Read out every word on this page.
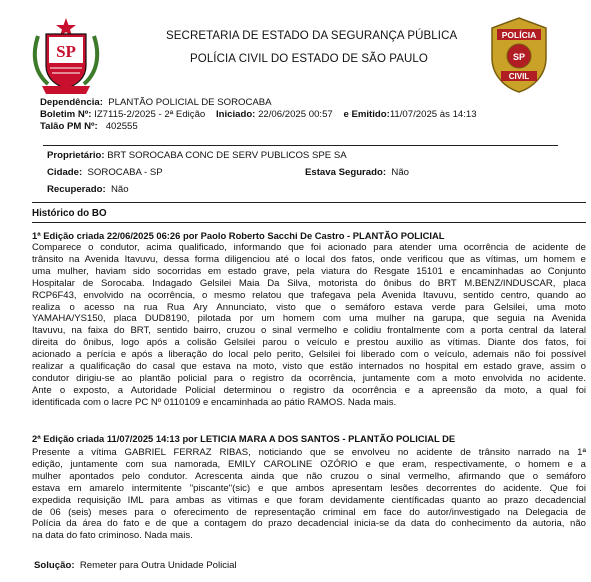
SP
SECRETARIA DE ESTADO DA SEGURANÇA PÚBLICA
POLÍCIA CIVIL DO ESTADO DE SÃO PAULO
POLÍCIA
SP
CIVIL
Dependência: PLANTÃO POLICIAL DE SOROCABA
Boletim Nº: IZ7115-2/2025 - 2ª Edição Iniciado: 22/06/2025 00:57 e Emitido:11/07/2025 às 14:13
Talão PM Nº: 402555
Proprietário: BRT SOROCABA CONC DE SERV PUBLICOS SPE SA
Cidade: SOROCABA - SP	Estava Segurado: Não
Recuperado: Não
Histórico do BO
1ª Edição criada 22/06/2025 06:26 por Paolo Roberto Sacchi De Castro - PLANTÃO POLICIAL
Comparece o condutor, acima qualificado, informando que foi acionado para atender uma ocorrência de acidente de
trânsito na Avenida Itavuvu, dessa forma diligenciou até o local dos fatos, onde verificou que as vítimas, um homem e
uma mulher, haviam sido socorridas em estado grave, pela viatura do Resgate 15101 e encaminhadas ao Conjunto
Hospitalar de Sorocaba. Indagado Gelsilei Maia Da Silva, motorista do ônibus do BRT M.BENZ/INDUSCAR, placa
RCP6F43, envolvido na ocorrência, o mesmo relatou que trafegava pela Avenida Itavuvu, sentido centro, quando ao
realiza o acesso na rua Rua Ary Annunciato, visto que o semáforo estava verde para Gelsilei, uma moto
YAMAHA/YS150, placa DUD8190, pilotada por um homem com uma mulher na garupa, que seguia na Avenida
Itavuvu, na faixa do BRT, sentido bairro, cruzou o sinal vermelho e colidiu frontalmente com a porta central da lateral
direita do ônibus, logo após a colisão Gelsilei parou o veículo e prestou auxilio as vítimas. Diante dos fatos, foi
acionado a perícia e após a liberação do local pelo perito, Gelsilei foi liberado com o veículo, ademais não foi possível
realizar a qualificação do casal que estava na moto, visto que estão internados no hospital em estado grave, assim o
condutor dirigiu-se ao plantão policial para o registro da ocorrência, juntamente com a moto envolvida no acidente.
Ante o exposto, a Autoridade Policial determinou o registro da ocorrência e a apreensão da moto, a qual foi
identificada com o lacre PC Nº 0110109 e encaminhada ao pátio RAMOS. Nada mais.
2ª Edição criada 11/07/2025 14:13 por LETICIA MARA A DOS SANTOS - PLANTÃO POLICIAL DE
Presente a vítima GABRIEL FERRAZ RIBAS, noticiando que se envolveu no acidente de trânsito narrado na 1ª
edição, juntamente com sua namorada, EMILY CAROLINE OZÓRIO e que eram, respectivamente, o homem e a
mulher apontados pelo condutor. Acrescenta ainda que não cruzou o sinal vermelho, afirmando que o semáforo
estava em amarelo intermitente "piscante"(sic) e que ambos apresentam lesões decorrentes do acidente. Que foi
expedida requisição IML para ambas as vitimas e que foram devidamente científicadas quanto ao prazo decadencial
de 06 (seis) meses para o oferecimento de representação criminal em face do autor/investigado na Delegacia de
Polícia da área do fato e de que a contagem do prazo decadencial inicia-se da data do conhecimento da autoria, não
na data do fato criminoso. Nada mais.
Solução: Remeter para Outra Unidade Policial
